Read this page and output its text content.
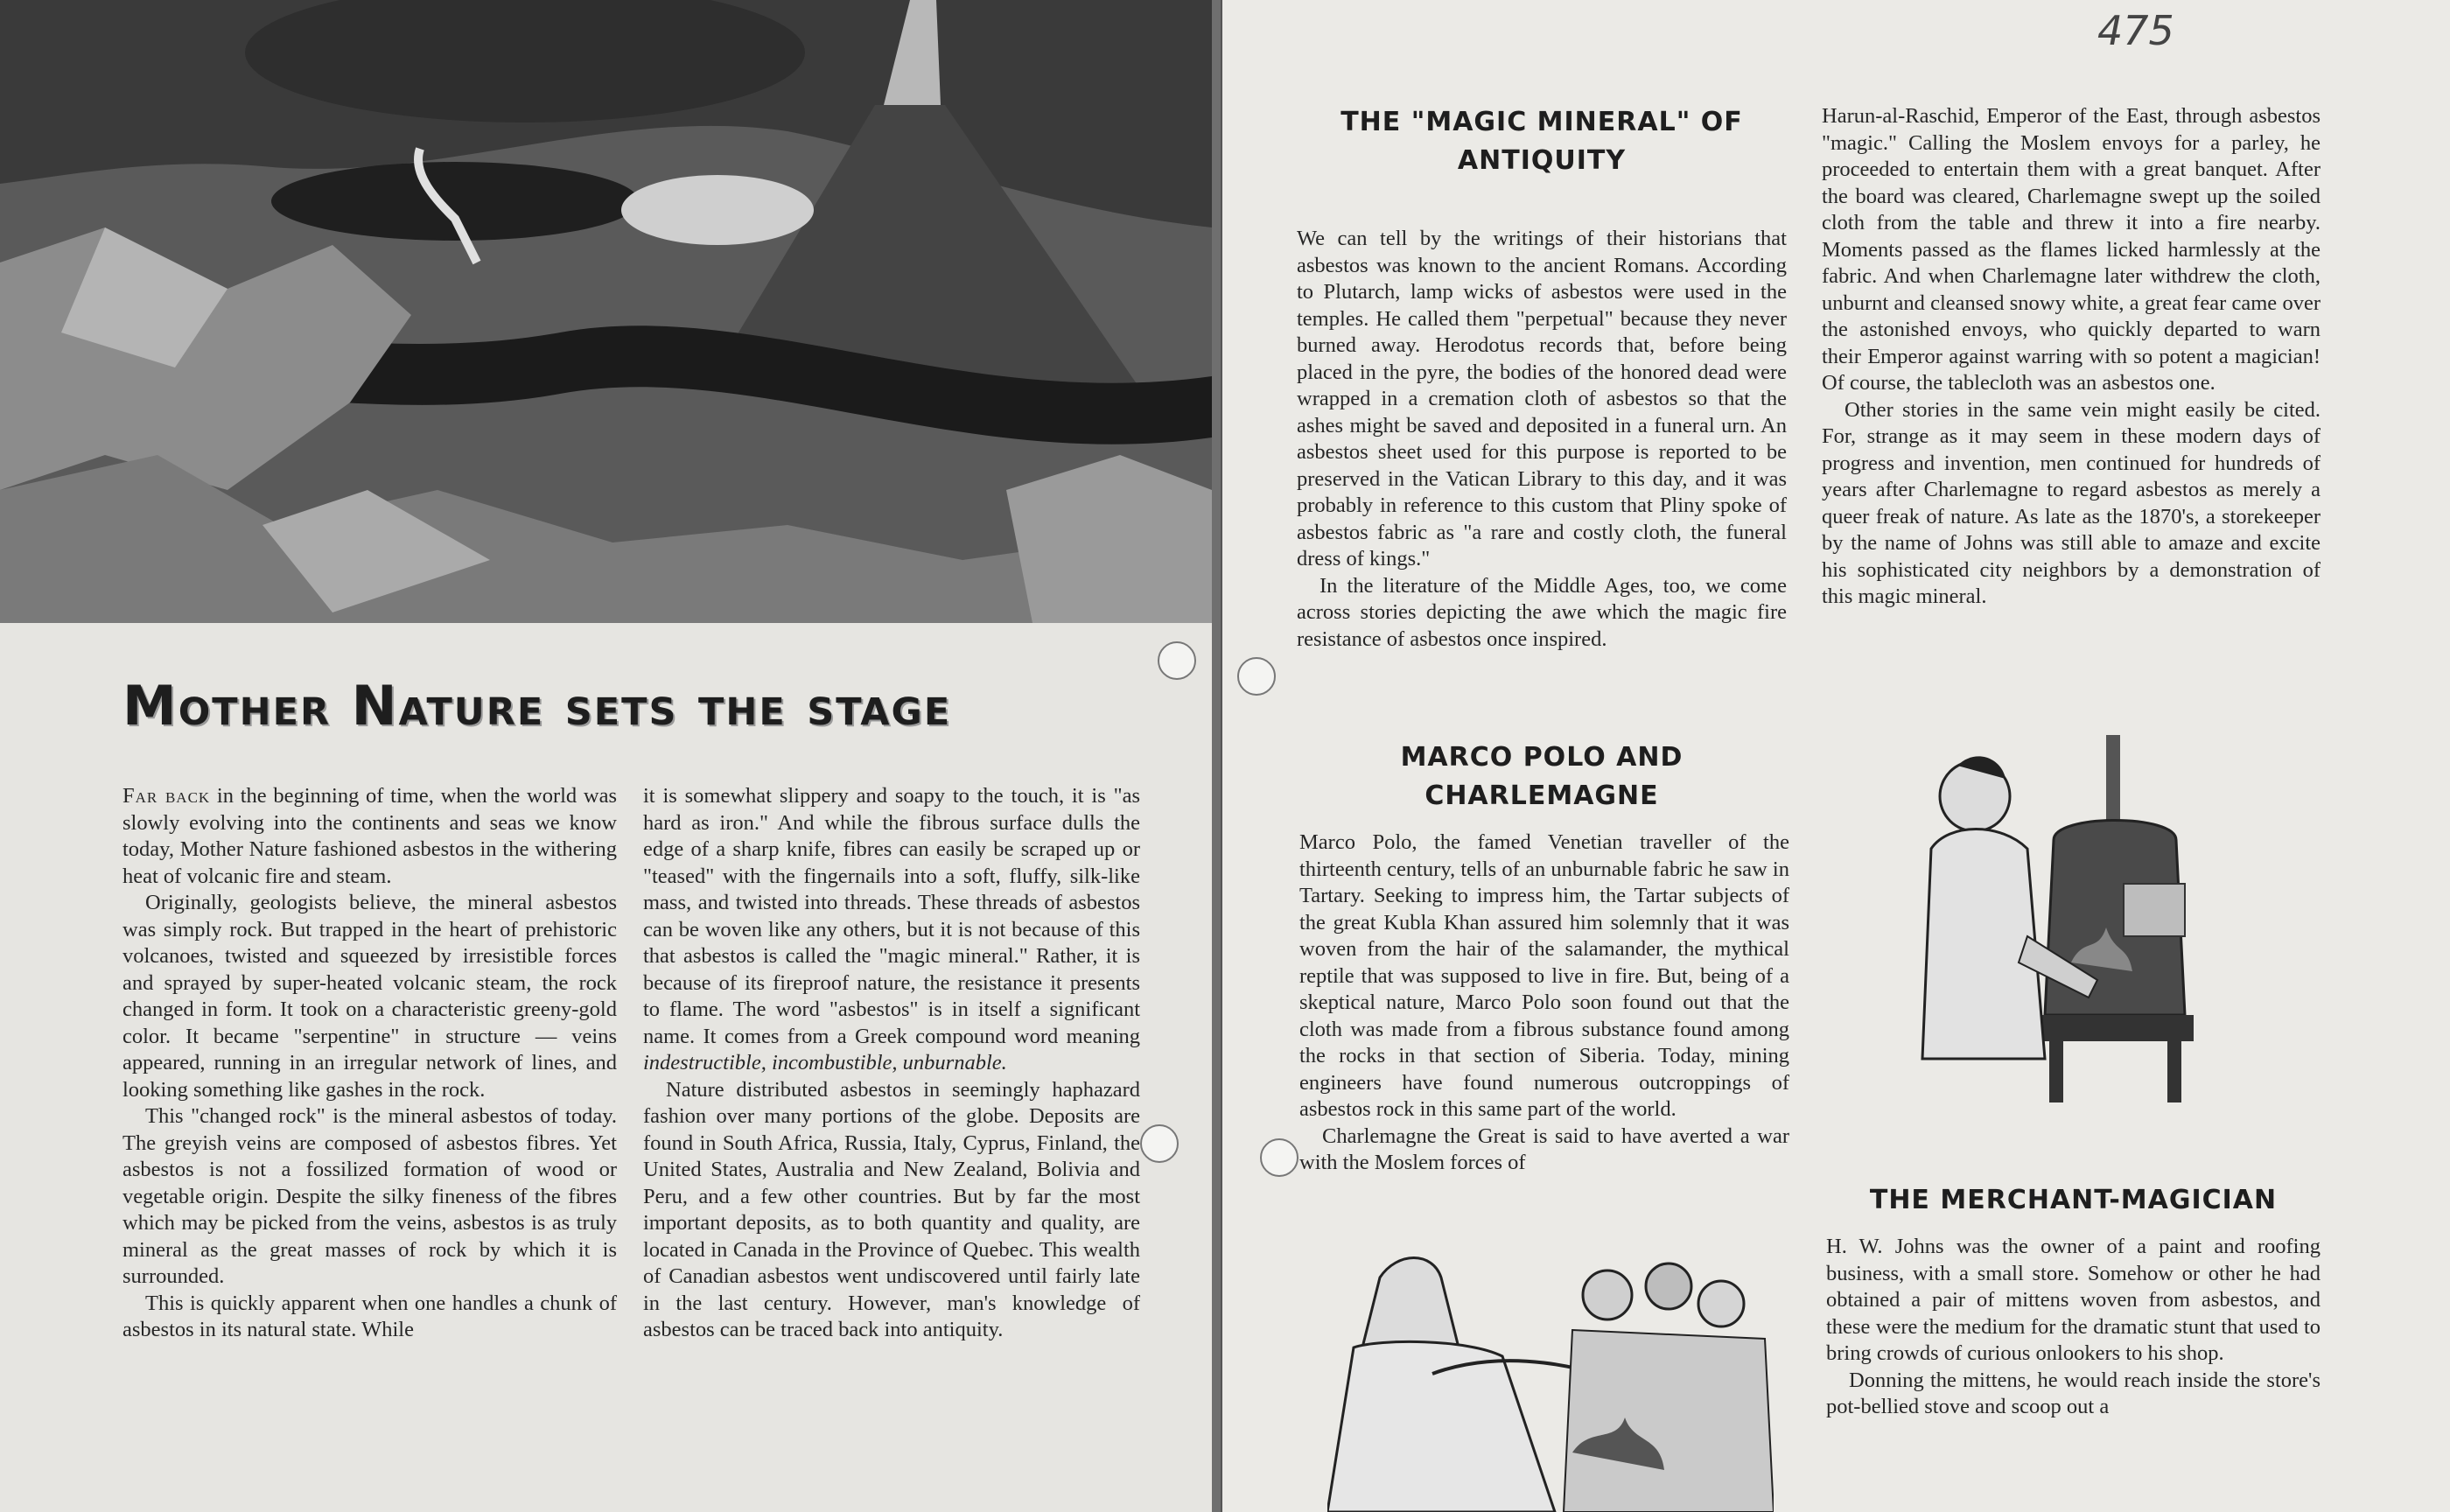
Mother Nature sets the stage

Far back in the beginning of time, when the world was slowly evolving into the continents and seas we know today, Mother Nature fashioned asbestos in the withering heat of volcanic fire and steam.

Originally, geologists believe, the mineral asbestos was simply rock. But trapped in the heart of prehistoric volcanoes, twisted and squeezed by irresistible forces and sprayed by super-heated volcanic steam, the rock changed in form. It took on a characteristic greeny-gold color. It became "serpentine" in structure — veins appeared, running in an irregular network of lines, and looking something like gashes in the rock.

This "changed rock" is the mineral asbestos of today. The greyish veins are composed of asbestos fibres. Yet asbestos is not a fossilized formation of wood or vegetable origin. Despite the silky fineness of the fibres which may be picked from the veins, asbestos is as truly mineral as the great masses of rock by which it is surrounded.

This is quickly apparent when one handles a chunk of asbestos in its natural state. While

it is somewhat slippery and soapy to the touch, it is "as hard as iron." And while the fibrous surface dulls the edge of a sharp knife, fibres can easily be scraped up or "teased" with the fingernails into a soft, fluffy, silk-like mass, and twisted into threads. These threads of asbestos can be woven like any others, but it is not because of this that asbestos is called the "magic mineral." Rather, it is because of its fireproof nature, the resistance it presents to flame. The word "asbestos" is in itself a significant name. It comes from a Greek compound word meaning indestructible, incombustible, unburnable.

Nature distributed asbestos in seemingly haphazard fashion over many portions of the globe. Deposits are found in South Africa, Russia, Italy, Cyprus, Finland, the United States, Australia and New Zealand, Bolivia and Peru, and a few other countries. But by far the most important deposits, as to both quantity and quality, are located in Canada in the Province of Quebec. This wealth of Canadian asbestos went undiscovered until fairly late in the last century. However, man's knowledge of asbestos can be traced back into antiquity.

475
THE "MAGIC MINERAL" OF ANTIQUITY

We can tell by the writings of their historians that asbestos was known to the ancient Romans. According to Plutarch, lamp wicks of asbestos were used in the temples. He called them "perpetual" because they never burned away. Herodotus records that, before being placed in the pyre, the bodies of the honored dead were wrapped in a cremation cloth of asbestos so that the ashes might be saved and deposited in a funeral urn. An asbestos sheet used for this purpose is reported to be preserved in the Vatican Library to this day, and it was probably in reference to this custom that Pliny spoke of asbestos fabric as "a rare and costly cloth, the funeral dress of kings."

In the literature of the Middle Ages, too, we come across stories depicting the awe which the magic fire resistance of asbestos once inspired.

MARCO POLO AND CHARLEMAGNE

Marco Polo, the famed Venetian traveller of the thirteenth century, tells of an unburnable fabric he saw in Tartary. Seeking to impress him, the Tartar subjects of the great Kubla Khan assured him solemnly that it was woven from the hair of the salamander, the mythical reptile that was supposed to live in fire. But, being of a skeptical nature, Marco Polo soon found out that the cloth was made from a fibrous substance found among the rocks in that section of Siberia. Today, mining engineers have found numerous outcroppings of asbestos rock in this same part of the world.

Charlemagne the Great is said to have averted a war with the Moslem forces of

Harun-al-Raschid, Emperor of the East, through asbestos "magic." Calling the Moslem envoys for a parley, he proceeded to entertain them with a great banquet. After the board was cleared, Charlemagne swept up the soiled cloth from the table and threw it into a fire nearby. Moments passed as the flames licked harmlessly at the fabric. And when Charlemagne later withdrew the cloth, unburnt and cleansed snowy white, a great fear came over the astonished envoys, who quickly departed to warn their Emperor against warring with so potent a magician! Of course, the tablecloth was an asbestos one.

Other stories in the same vein might easily be cited. For, strange as it may seem in these modern days of progress and invention, men continued for hundreds of years after Charlemagne to regard asbestos as merely a queer freak of nature. As late as the 1870's, a storekeeper by the name of Johns was still able to amaze and excite his sophisticated city neighbors by a demonstration of this magic mineral.

THE MERCHANT-MAGICIAN

H. W. Johns was the owner of a paint and roofing business, with a small store. Somehow or other he had obtained a pair of mittens woven from asbestos, and these were the medium for the dramatic stunt that used to bring crowds of curious onlookers to his shop.

Donning the mittens, he would reach inside the store's pot-bellied stove and scoop out a
